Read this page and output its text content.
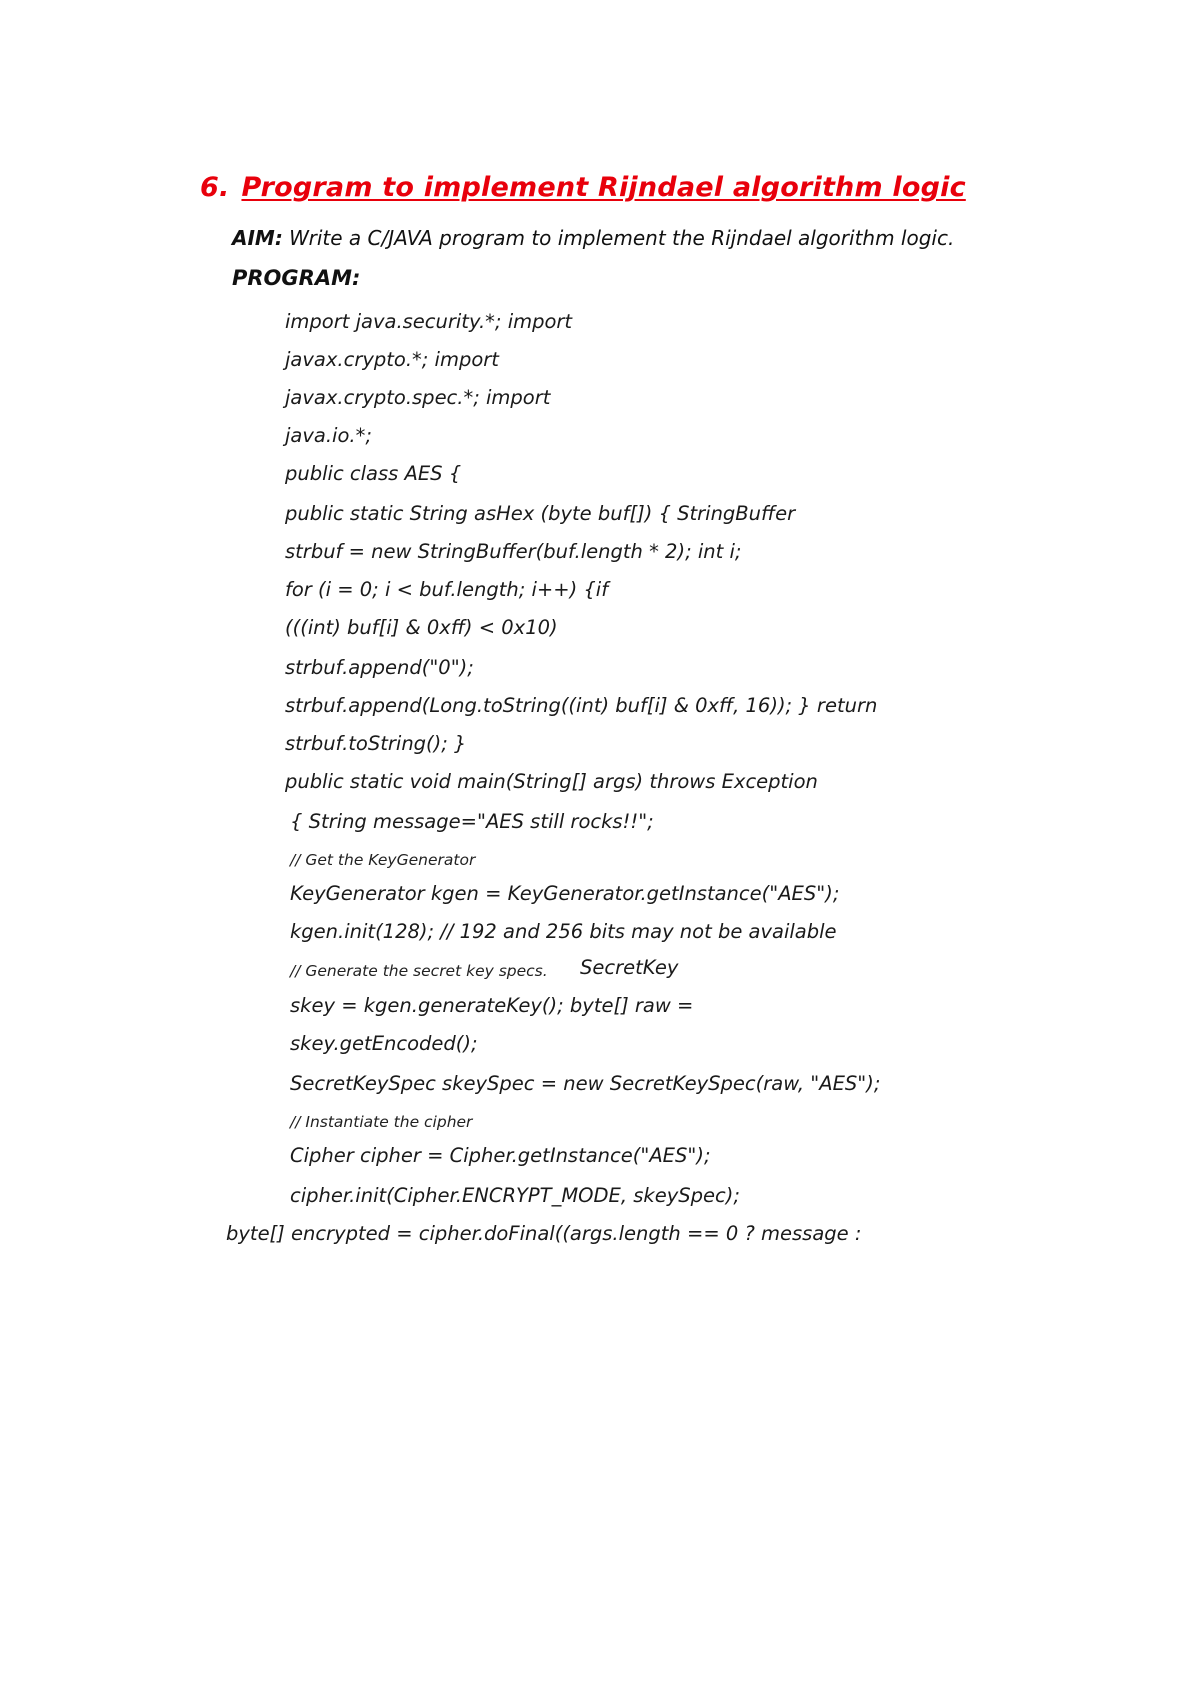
6. Program to implement Rijndael algorithm logic
AIM: Write a C/JAVA program to implement the Rijndael algorithm logic.
PROGRAM:
import java.security.*; import
javax.crypto.*; import
javax.crypto.spec.*; import
java.io.*;
public class AES {
public static String asHex (byte buf[]) { StringBuffer
strbuf = new StringBuffer(buf.length * 2); int i;
for (i = 0; i < buf.length; i++) {if
(((int) buf[i] & 0xff) < 0x10)
strbuf.append("0");
strbuf.append(Long.toString((int) buf[i] & 0xff, 16)); } return
strbuf.toString(); }
public static void main(String[] args) throws Exception
{ String message="AES still rocks!!";
// Get the KeyGenerator
KeyGenerator kgen = KeyGenerator.getInstance("AES");
kgen.init(128); // 192 and 256 bits may not be available
// Generate the secret key specs. SecretKey
skey = kgen.generateKey(); byte[] raw =
skey.getEncoded();
SecretKeySpec skeySpec = new SecretKeySpec(raw, "AES");
// Instantiate the cipher
Cipher cipher = Cipher.getInstance("AES");
cipher.init(Cipher.ENCRYPT_MODE, skeySpec);
byte[] encrypted = cipher.doFinal((args.length == 0 ? message :
